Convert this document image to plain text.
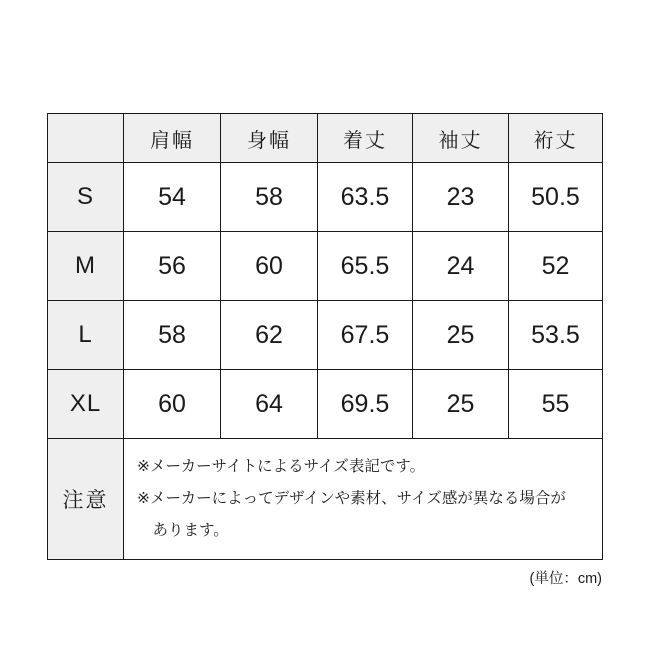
	肩幅	身幅	着丈	袖丈	裄丈
S	54	58	63.5	23	50.5
M	56	60	65.5	24	52
L	58	62	67.5	25	53.5
XL	60	64	69.5	25	55
注意	※メーカーサイトによるサイズ表記です。
※メーカーによってデザインや素材、サイズ感が異なる場合が
あります。				
(単位：cm)
